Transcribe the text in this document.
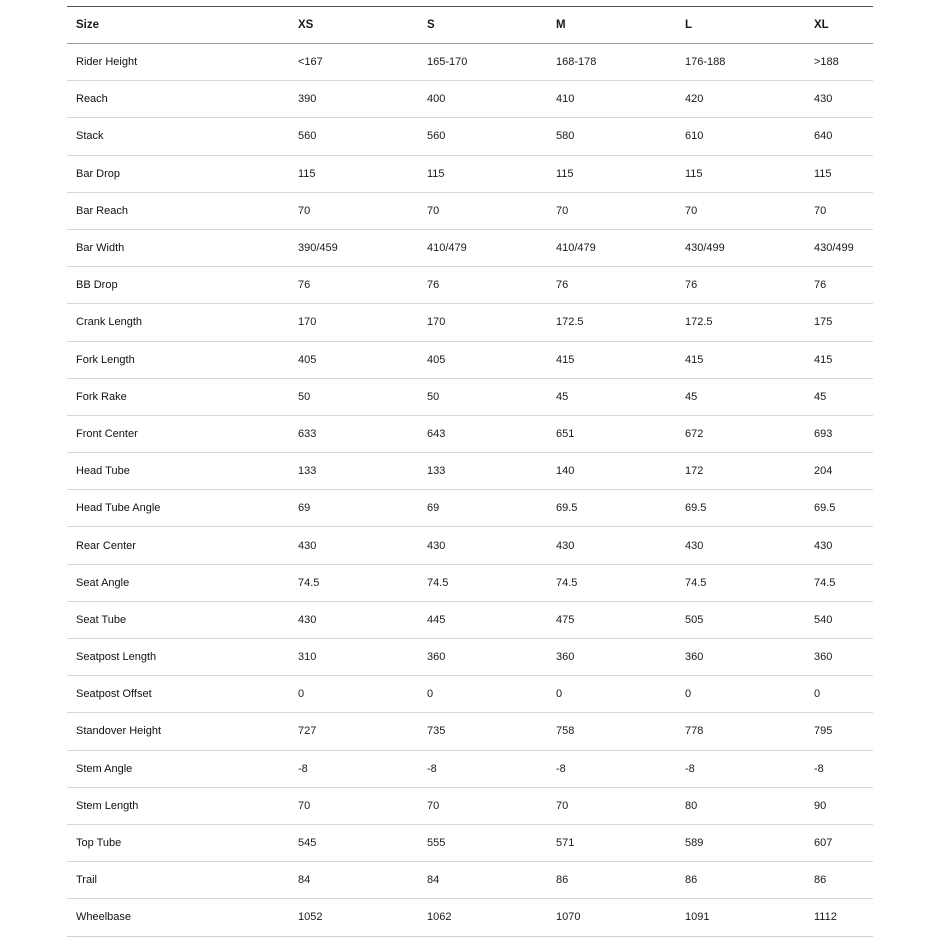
Size	XS	S	M	L	XL
Rider Height	<167	165-170	168-178	176-188	>188
Reach	390	400	410	420	430
Stack	560	560	580	610	640
Bar Drop	115	115	115	115	115
Bar Reach	70	70	70	70	70
Bar Width	390/459	410/479	410/479	430/499	430/499
BB Drop	76	76	76	76	76
Crank Length	170	170	172.5	172.5	175
Fork Length	405	405	415	415	415
Fork Rake	50	50	45	45	45
Front Center	633	643	651	672	693
Head Tube	133	133	140	172	204
Head Tube Angle	69	69	69.5	69.5	69.5
Rear Center	430	430	430	430	430
Seat Angle	74.5	74.5	74.5	74.5	74.5
Seat Tube	430	445	475	505	540
Seatpost Length	310	360	360	360	360
Seatpost Offset	0	0	0	0	0
Standover Height	727	735	758	778	795
Stem Angle	-8	-8	-8	-8	-8
Stem Length	70	70	70	80	90
Top Tube	545	555	571	589	607
Trail	84	84	86	86	86
Wheelbase	1052	1062	1070	1091	1112
